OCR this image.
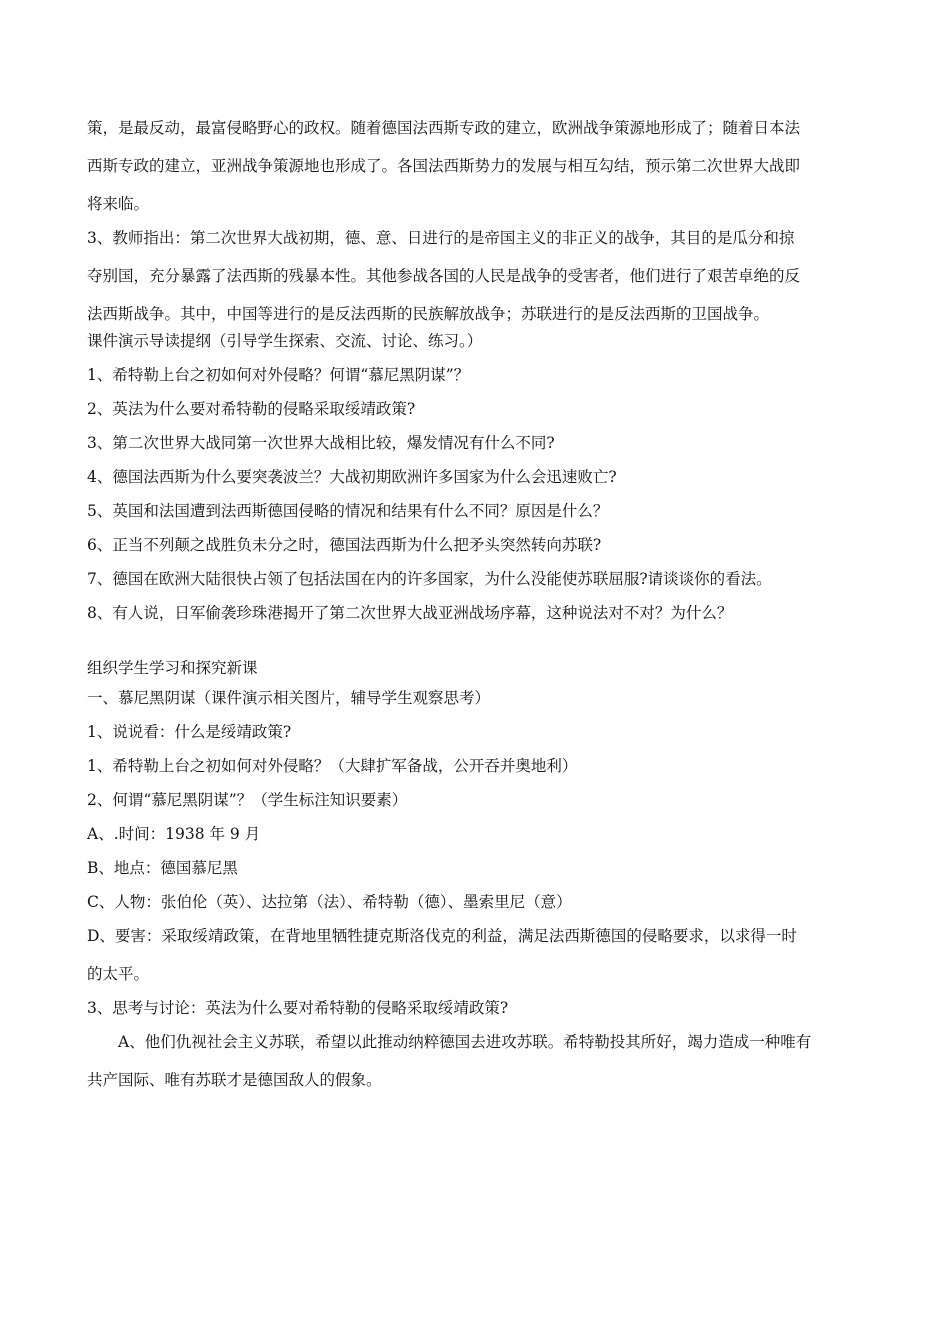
策，是最反动，最富侵略野心的政权。随着德国法西斯专政的建立，欧洲战争策源地形成了；随着日本法
西斯专政的建立，亚洲战争策源地也形成了。各国法西斯势力的发展与相互勾结，预示第二次世界大战即
将来临。
3、教师指出：第二次世界大战初期，德、意、日进行的是帝国主义的非正义的战争，其目的是瓜分和掠
夺别国，充分暴露了法西斯的残暴本性。其他参战各国的人民是战争的受害者，他们进行了艰苦卓绝的反
法西斯战争。其中，中国等进行的是反法西斯的民族解放战争；苏联进行的是反法西斯的卫国战争。
课件演示导读提纲（引导学生探索、交流、讨论、练习。）
1、希特勒上台之初如何对外侵略？何谓“慕尼黑阴谋”？
2、英法为什么要对希特勒的侵略采取绥靖政策?
3、第二次世界大战同第一次世界大战相比较，爆发情况有什么不同?
4、德国法西斯为什么要突袭波兰？大战初期欧洲许多国家为什么会迅速败亡?
5、英国和法国遭到法西斯德国侵略的情况和结果有什么不同？原因是什么？
6、正当不列颠之战胜负未分之时，德国法西斯为什么把矛头突然转向苏联?
7、德国在欧洲大陆很快占领了包括法国在内的许多国家，为什么没能使苏联屈服?请谈谈你的看法。
8、有人说，日军偷袭珍珠港揭开了第二次世界大战亚洲战场序幕，这种说法对不对？为什么？
组织学生学习和探究新课
一、慕尼黑阴谋（课件演示相关图片，辅导学生观察思考）
1、说说看：什么是绥靖政策?
1、希特勒上台之初如何对外侵略？（大肆扩军备战，公开吞并奥地利）
2、何谓“慕尼黑阴谋”？（学生标注知识要素）
A、.时间：1938 年 9 月
B、地点：德国慕尼黑
C、人物：张伯伦（英）、达拉第（法）、希特勒（德）、墨索里尼（意）
D、要害：采取绥靖政策，在背地里牺牲捷克斯洛伐克的利益，满足法西斯德国的侵略要求，以求得一时
的太平。
3、思考与讨论：英法为什么要对希特勒的侵略采取绥靖政策?
A、他们仇视社会主义苏联，希望以此推动纳粹德国去进攻苏联。希特勒投其所好，竭力造成一种唯有
共产国际、唯有苏联才是德国敌人的假象。
